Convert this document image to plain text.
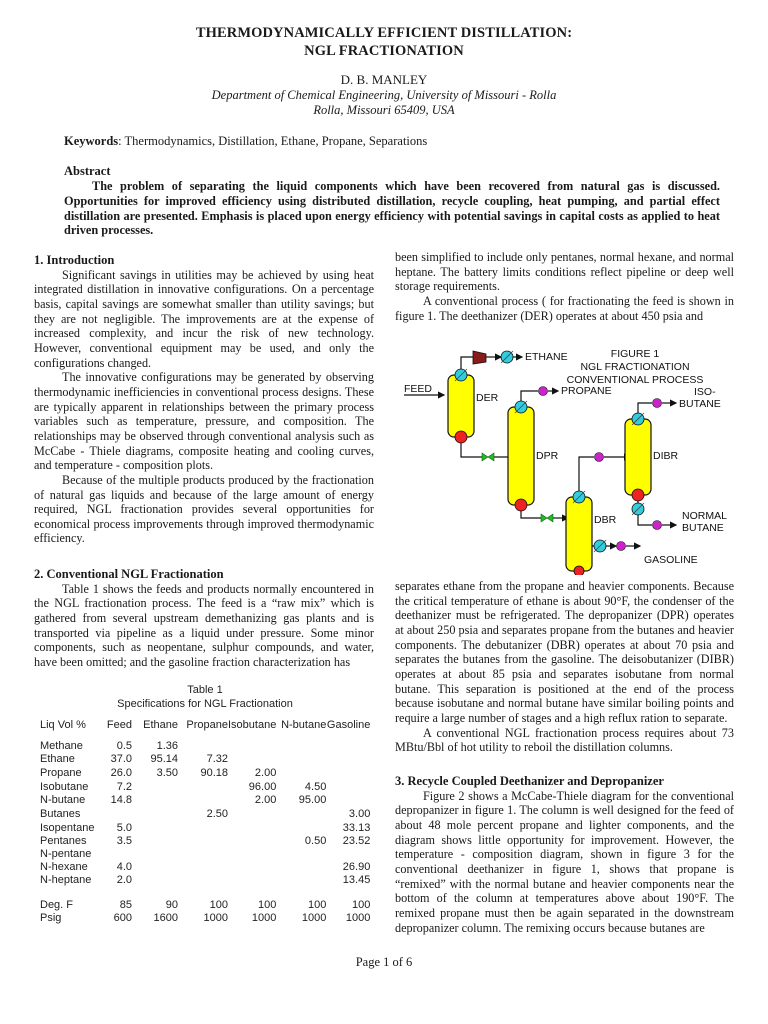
THERMODYNAMICALLY EFFICIENT DISTILLATION:
NGL FRACTIONATION
D. B. MANLEY
Department of Chemical Engineering, University of Missouri - Rolla
Rolla, Missouri 65409, USA
Keywords: Thermodynamics, Distillation, Ethane, Propane, Separations
Abstract
The problem of separating the liquid components which have been recovered from natural gas is discussed. Opportunities for improved efficiency using distributed distillation, recycle coupling, heat pumping, and partial effect distillation are presented. Emphasis is placed upon energy efficiency with potential savings in capital costs as applied to heat driven processes.
1. Introduction

Significant savings in utilities may be achieved by using heat integrated distillation in innovative configurations. On a percentage basis, capital savings are somewhat smaller than utility savings; but they are not negligible. The improvements are at the expense of increased complexity, and incur the risk of new technology. However, conventional equipment may be used, and only the configurations changed.

The innovative configurations may be generated by observing thermodynamic inefficiencies in conventional process designs. These are typically apparent in relationships between the primary process variables such as temperature, pressure, and composition. The relationships may be observed through conventional analysis such as McCabe - Thiele diagrams, composite heating and cooling curves, and temperature - composition plots.

Because of the multiple products produced by the fractionation of natural gas liquids and because of the large amount of energy required, NGL fractionation provides several opportunities for economical process improvements through improved thermodynamic efficiency.

2. Conventional NGL Fractionation

Table 1 shows the feeds and products normally encountered in the NGL fractionation process. The feed is a “raw mix” which is gathered from several upstream demethanizing gas plants and is transported via pipeline as a liquid under pressure. Some minor components, such as neopentane, sulphur compounds, and water, have been omitted; and the gasoline fraction characterization has

Table 1
Specifications for NGL Fractionation
Liq Vol %	Feed	Ethane	Propane	Isobutane	N-butane	Gasoline
Methane	0.5	1.36				
Ethane	37.0	95.14	7.32			
Propane	26.0	3.50	90.18	2.00		
Isobutane	7.2			96.00	4.50	
N-butane	14.8			2.00	95.00	
Butanes			2.50			3.00
Isopentane	5.0					33.13
Pentanes	3.5				0.50	23.52
N-pentane						
N-hexane	4.0					26.90
N-heptane	2.0					13.45

Deg. F	85	90	100	100	100	100
Psig	600	1600	1000	1000	1000	1000

been simplified to include only pentanes, normal hexane, and normal heptane. The battery limits conditions reflect pipeline or deep well storage requirements.

A conventional process ( for fractionating the feed is shown in figure 1. The deethanizer (DER) operates at about 450 psia and

FEED
DER
DPR
DBR
DIBR
ETHANE
PROPANE	ISO-
BUTANE
NORMAL
BUTANE
GASOLINE
FIGURE 1
NGL FRACTIONATION
CONVENTIONAL PROCESS

separates ethane from the propane and heavier components. Because the critical temperature of ethane is about 90°F, the condenser of the deethanizer must be refrigerated. The depropanizer (DPR) operates at about 250 psia and separates propane from the butanes and heavier components. The debutanizer (DBR) operates at about 70 psia and separates the butanes from the gasoline. The deisobutanizer (DIBR) operates at about 85 psia and separates isobutane from normal butane. This separation is positioned at the end of the process because isobutane and normal butane have similar boiling points and require a large number of stages and a high reflux ration to separate.

A conventional NGL fractionation process requires about 73 MBtu/Bbl of hot utility to reboil the distillation columns.

3. Recycle Coupled Deethanizer and Depropanizer

Figure 2 shows a McCabe-Thiele diagram for the conventional depropanizer in figure 1. The column is well designed for the feed of about 48 mole percent propane and lighter components, and the diagram shows little opportunity for improvement. However, the temperature - composition diagram, shown in figure 3 for the conventional deethanizer in figure 1, shows that propane is “remixed” with the normal butane and heavier components near the bottom of the column at temperatures above about 190°F. The remixed propane must then be again separated in the downstream depropanizer column. The remixing occurs because butanes are

Page 1 of 6
